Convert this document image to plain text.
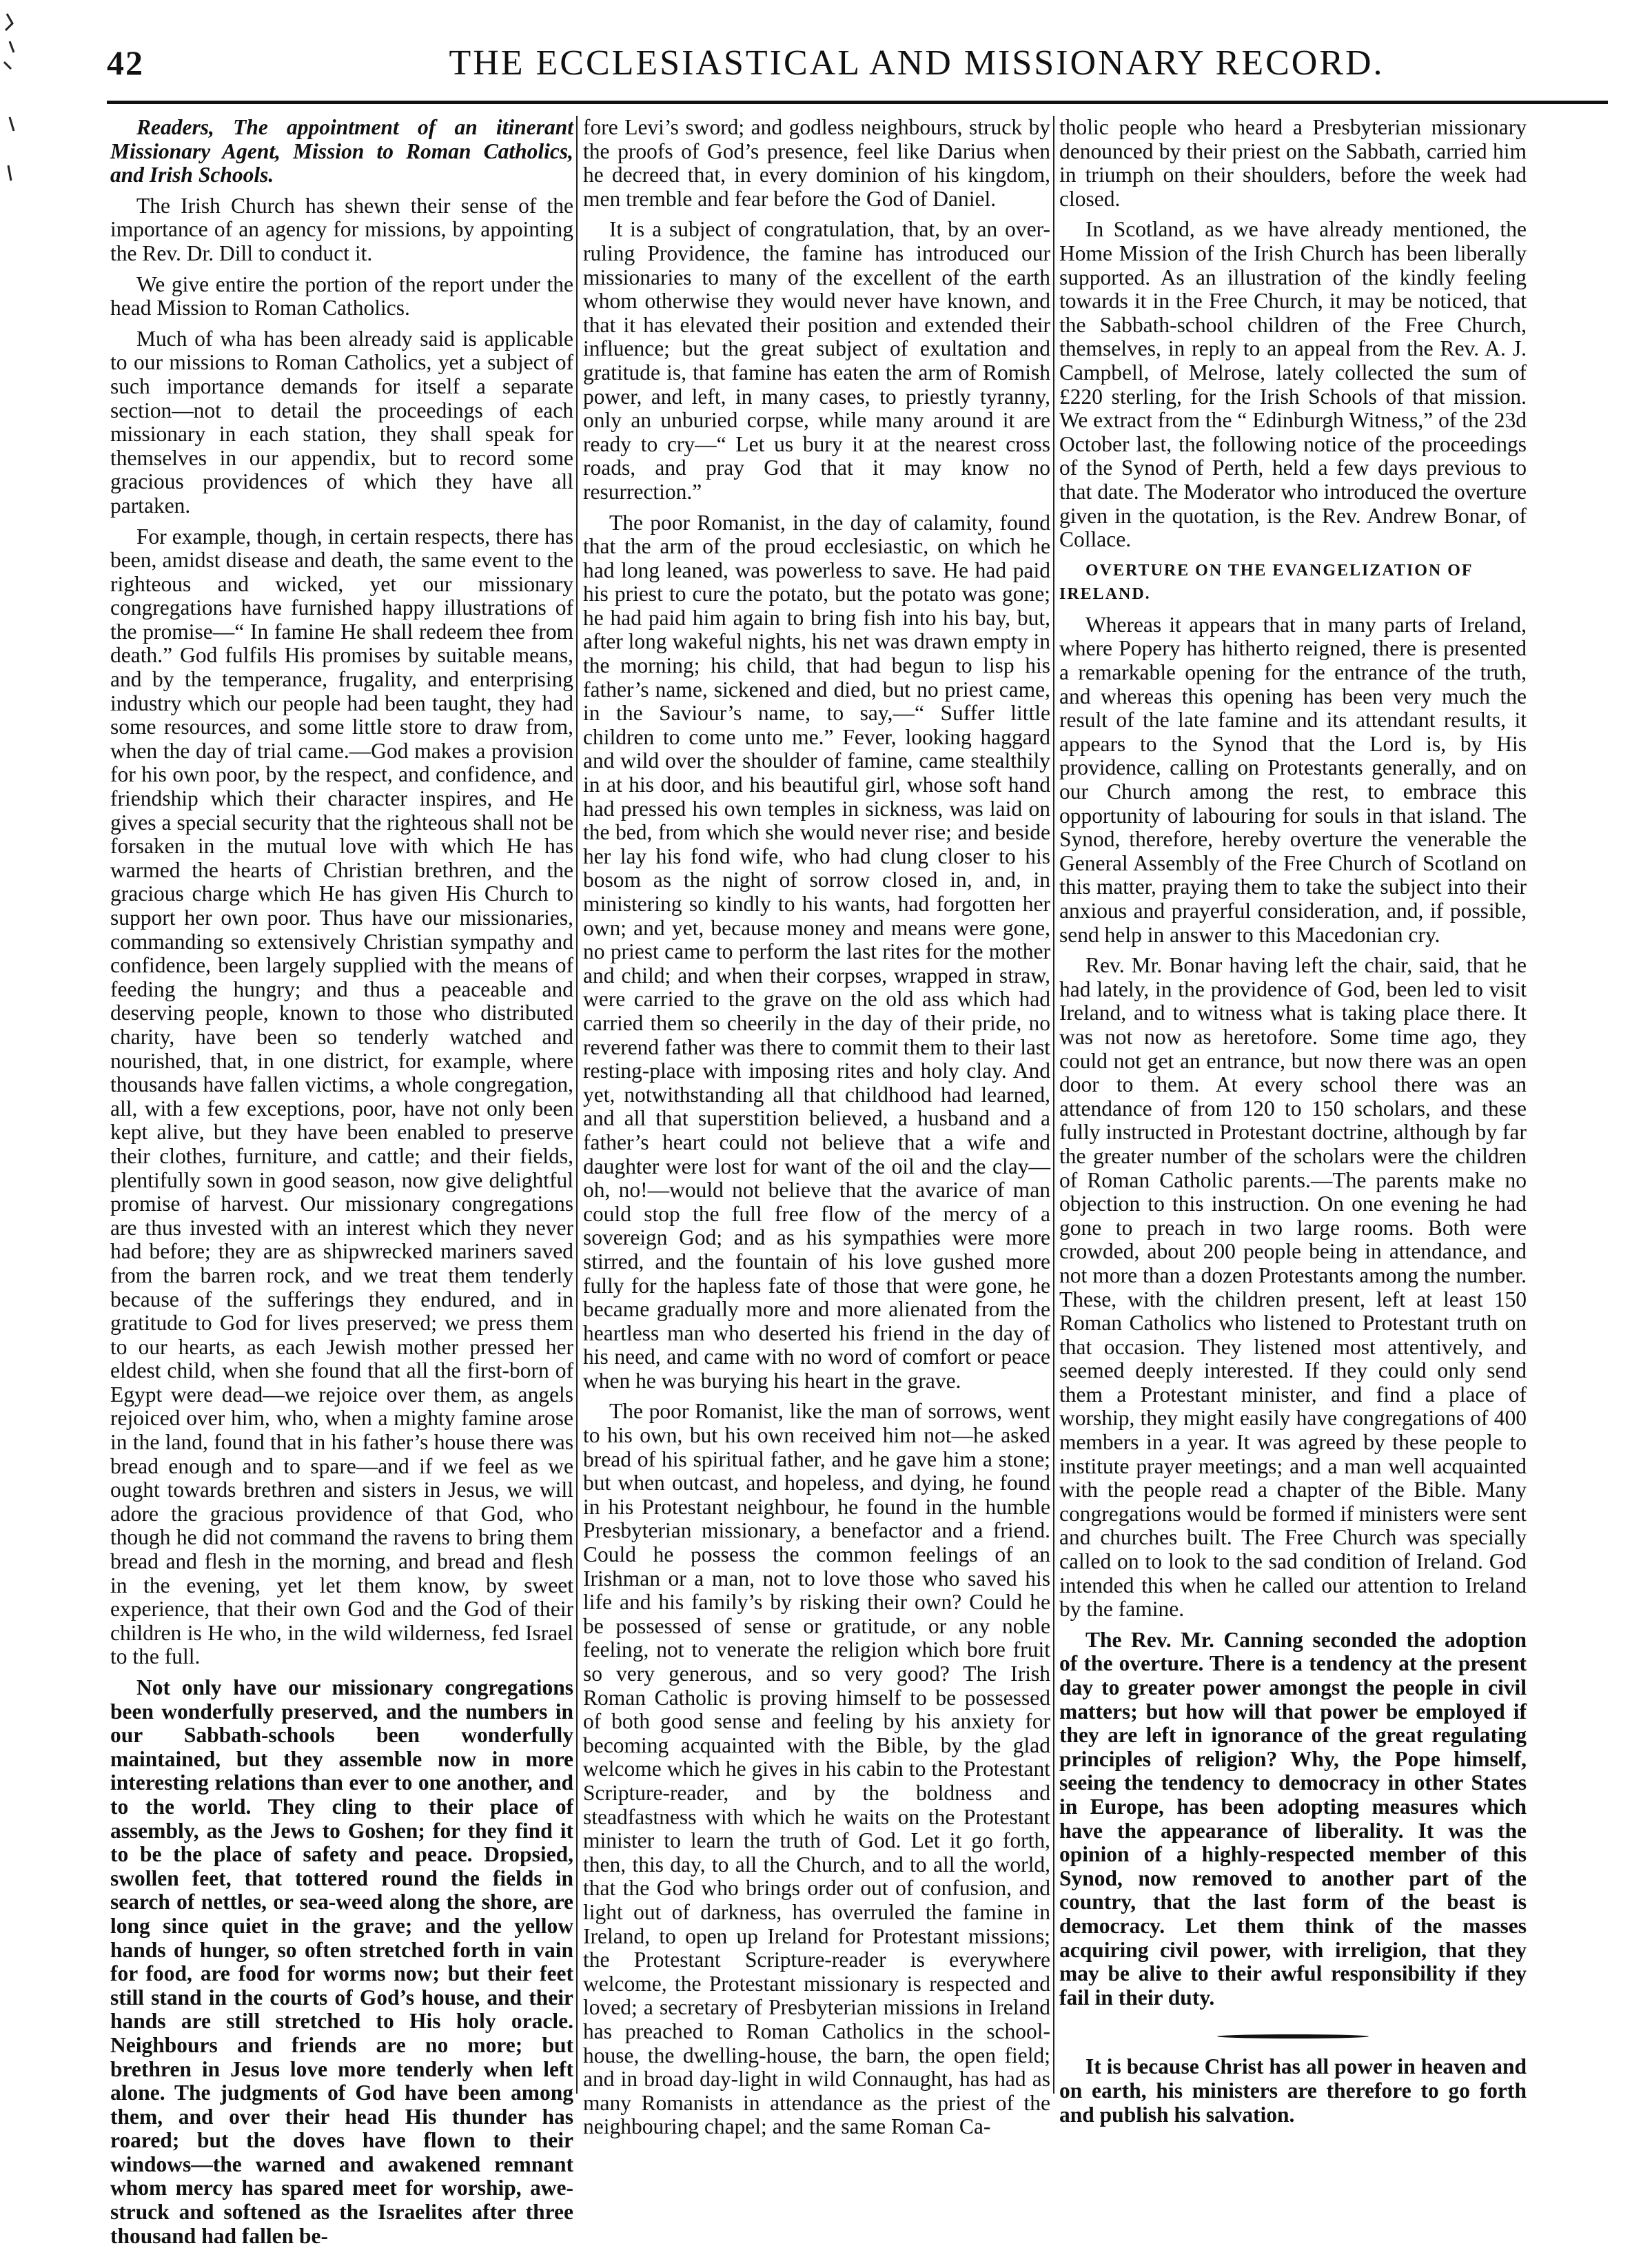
42	THE ECCLESIASTICAL AND MISSIONARY RECORD.

Readers, The appointment of an itinerant Missionary Agent, Mission to Roman Catholics, and Irish Schools.

The Irish Church has shewn their sense of the importance of an agency for missions, by appointing the Rev. Dr. Dill to conduct it.

We give entire the portion of the report under the head Mission to Roman Catholics.

Much of wha has been already said is applicable to our missions to Roman Catholics, yet a subject of such importance demands for itself a separate section—not to detail the proceedings of each missionary in each station, they shall speak for themselves in our appendix, but to record some gracious providences of which they have all partaken.

For example, though, in certain respects, there has been, amidst disease and death, the same event to the righteous and wicked, yet our missionary congregations have furnished happy illustrations of the promise—“ In famine He shall redeem thee from death.” God fulfils His promises by suitable means, and by the temperance, frugality, and enterprising industry which our people had been taught, they had some resources, and some little store to draw from, when the day of trial came.—God makes a provision for his own poor, by the respect, and confidence, and friendship which their character inspires, and He gives a special security that the righteous shall not be forsaken in the mutual love with which He has warmed the hearts of Christian brethren, and the gracious charge which He has given His Church to support her own poor. Thus have our missionaries, commanding so extensively Christian sympathy and confidence, been largely supplied with the means of feeding the hungry; and thus a peaceable and deserving people, known to those who distributed charity, have been so tenderly watched and nourished, that, in one district, for example, where thousands have fallen victims, a whole congregation, all, with a few exceptions, poor, have not only been kept alive, but they have been enabled to preserve their clothes, furniture, and cattle; and their fields, plentifully sown in good season, now give delightful promise of harvest. Our missionary congregations are thus invested with an interest which they never had before; they are as shipwrecked mariners saved from the barren rock, and we treat them tenderly because of the sufferings they endured, and in gratitude to God for lives preserved; we press them to our hearts, as each Jewish mother pressed her eldest child, when she found that all the first-born of Egypt were dead—we rejoice over them, as angels rejoiced over him, who, when a mighty famine arose in the land, found that in his father’s house there was bread enough and to spare—and if we feel as we ought towards brethren and sisters in Jesus, we will adore the gracious providence of that God, who though he did not command the ravens to bring them bread and flesh in the morning, and bread and flesh in the evening, yet let them know, by sweet experience, that their own God and the God of their children is He who, in the wild wilderness, fed Israel to the full.

Not only have our missionary congregations been wonderfully preserved, and the numbers in our Sabbath-schools been wonderfully maintained, but they assemble now in more interesting relations than ever to one another, and to the world. They cling to their place of assembly, as the Jews to Goshen; for they find it to be the place of safety and peace. Dropsied, swollen feet, that tottered round the fields in search of nettles, or sea-weed along the shore, are long since quiet in the grave; and the yellow hands of hunger, so often stretched forth in vain for food, are food for worms now; but their feet still stand in the courts of God’s house, and their hands are still stretched to His holy oracle. Neighbours and friends are no more; but brethren in Jesus love more tenderly when left alone. The judgments of God have been among them, and over their head His thunder has roared; but the doves have flown to their windows—the warned and awakened remnant whom mercy has spared meet for worship, awe-struck and softened as the Israelites after three thousand had fallen be-

fore Levi’s sword; and godless neighbours, struck by the proofs of God’s presence, feel like Darius when he decreed that, in every dominion of his kingdom, men tremble and fear before the God of Daniel.

It is a subject of congratulation, that, by an over-ruling Providence, the famine has introduced our missionaries to many of the excellent of the earth whom otherwise they would never have known, and that it has elevated their position and extended their influence; but the great subject of exultation and gratitude is, that famine has eaten the arm of Romish power, and left, in many cases, to priestly tyranny, only an unburied corpse, while many around it are ready to cry—“ Let us bury it at the nearest cross roads, and pray God that it may know no resurrection.”

The poor Romanist, in the day of calamity, found that the arm of the proud ecclesiastic, on which he had long leaned, was powerless to save. He had paid his priest to cure the potato, but the potato was gone; he had paid him again to bring fish into his bay, but, after long wakeful nights, his net was drawn empty in the morning; his child, that had begun to lisp his father’s name, sickened and died, but no priest came, in the Saviour’s name, to say,—“ Suffer little children to come unto me.” Fever, looking haggard and wild over the shoulder of famine, came stealthily in at his door, and his beautiful girl, whose soft hand had pressed his own temples in sickness, was laid on the bed, from which she would never rise; and beside her lay his fond wife, who had clung closer to his bosom as the night of sorrow closed in, and, in ministering so kindly to his wants, had forgotten her own; and yet, because money and means were gone, no priest came to perform the last rites for the mother and child; and when their corpses, wrapped in straw, were carried to the grave on the old ass which had carried them so cheerily in the day of their pride, no reverend father was there to commit them to their last resting-place with imposing rites and holy clay. And yet, notwithstanding all that childhood had learned, and all that superstition believed, a husband and a father’s heart could not believe that a wife and daughter were lost for want of the oil and the clay—oh, no!—would not believe that the avarice of man could stop the full free flow of the mercy of a sovereign God; and as his sympathies were more stirred, and the fountain of his love gushed more fully for the hapless fate of those that were gone, he became gradually more and more alienated from the heartless man who deserted his friend in the day of his need, and came with no word of comfort or peace when he was burying his heart in the grave.

The poor Romanist, like the man of sorrows, went to his own, but his own received him not—he asked bread of his spiritual father, and he gave him a stone; but when outcast, and hopeless, and dying, he found in his Protestant neighbour, he found in the humble Presbyterian missionary, a benefactor and a friend. Could he possess the common feelings of an Irishman or a man, not to love those who saved his life and his family’s by risking their own? Could he be possessed of sense or gratitude, or any noble feeling, not to venerate the religion which bore fruit so very generous, and so very good? The Irish Roman Catholic is proving himself to be possessed of both good sense and feeling by his anxiety for becoming acquainted with the Bible, by the glad welcome which he gives in his cabin to the Protestant Scripture-reader, and by the boldness and steadfastness with which he waits on the Protestant minister to learn the truth of God. Let it go forth, then, this day, to all the Church, and to all the world, that the God who brings order out of confusion, and light out of darkness, has overruled the famine in Ireland, to open up Ireland for Protestant missions; the Protestant Scripture-reader is everywhere welcome, the Protestant missionary is respected and loved; a secretary of Presbyterian missions in Ireland has preached to Roman Catholics in the school-house, the dwelling-house, the barn, the open field; and in broad day-light in wild Connaught, has had as many Romanists in attendance as the priest of the neighbouring chapel; and the same Roman Ca-

tholic people who heard a Presbyterian missionary denounced by their priest on the Sabbath, carried him in triumph on their shoulders, before the week had closed.

In Scotland, as we have already mentioned, the Home Mission of the Irish Church has been liberally supported. As an illustration of the kindly feeling towards it in the Free Church, it may be noticed, that the Sabbath-school children of the Free Church, themselves, in reply to an appeal from the Rev. A. J. Campbell, of Melrose, lately collected the sum of £220 sterling, for the Irish Schools of that mission. We extract from the “ Edinburgh Witness,” of the 23d October last, the following notice of the proceedings of the Synod of Perth, held a few days previous to that date. The Moderator who introduced the overture given in the quotation, is the Rev. Andrew Bonar, of Collace.

OVERTURE ON THE EVANGELIZATION OF IRELAND.

Whereas it appears that in many parts of Ireland, where Popery has hitherto reigned, there is presented a remarkable opening for the entrance of the truth, and whereas this opening has been very much the result of the late famine and its attendant results, it appears to the Synod that the Lord is, by His providence, calling on Protestants generally, and on our Church among the rest, to embrace this opportunity of labouring for souls in that island. The Synod, therefore, hereby overture the venerable the General Assembly of the Free Church of Scotland on this matter, praying them to take the subject into their anxious and prayerful consideration, and, if possible, send help in answer to this Macedonian cry.

Rev. Mr. Bonar having left the chair, said, that he had lately, in the providence of God, been led to visit Ireland, and to witness what is taking place there. It was not now as heretofore. Some time ago, they could not get an entrance, but now there was an open door to them. At every school there was an attendance of from 120 to 150 scholars, and these fully instructed in Protestant doctrine, although by far the greater number of the scholars were the children of Roman Catholic parents.—The parents make no objection to this instruction. On one evening he had gone to preach in two large rooms. Both were crowded, about 200 people being in attendance, and not more than a dozen Protestants among the number. These, with the children present, left at least 150 Roman Catholics who listened to Protestant truth on that occasion. They listened most attentively, and seemed deeply interested. If they could only send them a Protestant minister, and find a place of worship, they might easily have congregations of 400 members in a year. It was agreed by these people to institute prayer meetings; and a man well acquainted with the people read a chapter of the Bible. Many congregations would be formed if ministers were sent and churches built. The Free Church was specially called on to look to the sad condition of Ireland. God intended this when he called our attention to Ireland by the famine.

The Rev. Mr. Canning seconded the adoption of the overture. There is a tendency at the present day to greater power amongst the people in civil matters; but how will that power be employed if they are left in ignorance of the great regulating principles of religion? Why, the Pope himself, seeing the tendency to democracy in other States in Europe, has been adopting measures which have the appearance of liberality. It was the opinion of a highly-respected member of this Synod, now removed to another part of the country, that the last form of the beast is democracy. Let them think of the masses acquiring civil power, with irreligion, that they may be alive to their awful responsibility if they fail in their duty.

It is because Christ has all power in heaven and on earth, his ministers are therefore to go forth and publish his salvation.
